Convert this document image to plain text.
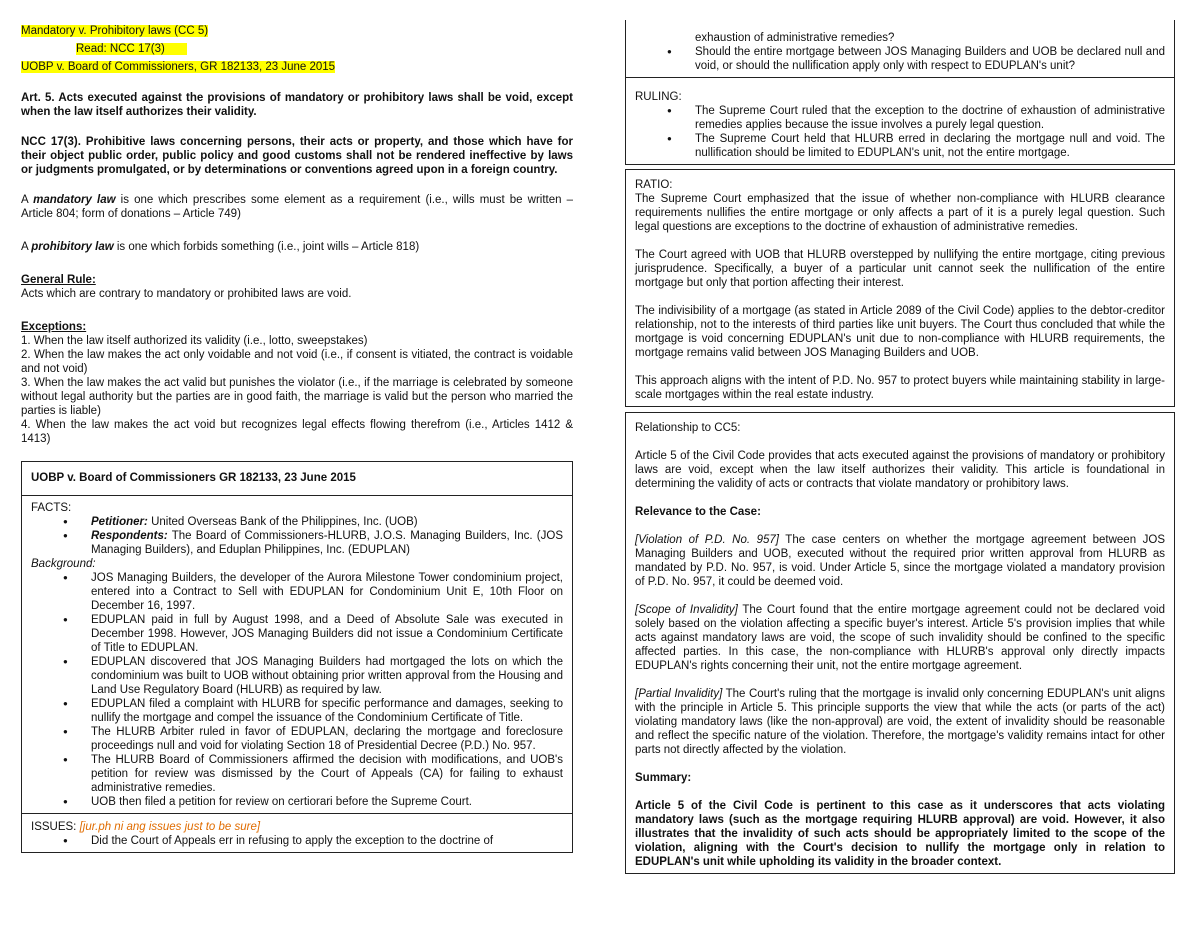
Mandatory v. Prohibitory laws (CC 5)
Read: NCC 17(3)
UOBP v. Board of Commissioners, GR 182133, 23 June 2015

Art. 5. Acts executed against the provisions of mandatory or prohibitory laws shall be void, except when the law itself authorizes their validity.

NCC 17(3). Prohibitive laws concerning persons, their acts or property, and those which have for their object public order, public policy and good customs shall not be rendered ineffective by laws or judgments promulgated, or by determinations or conventions agreed upon in a foreign country.

A mandatory law is one which prescribes some element as a requirement (i.e., wills must be written – Article 804; form of donations – Article 749)

A prohibitory law is one which forbids something (i.e., joint wills – Article 818)

General Rule:

Acts which are contrary to mandatory or prohibited laws are void.

Exceptions:

1. When the law itself authorized its validity (i.e., lotto, sweepstakes)

2. When the law makes the act only voidable and not void (i.e., if consent is vitiated, the contract is voidable and not void)

3. When the law makes the act valid but punishes the violator (i.e., if the marriage is celebrated by someone without legal authority but the parties are in good faith, the marriage is valid but the person who married the parties is liable)

4. When the law makes the act void but recognizes legal effects flowing therefrom (i.e., Articles 1412 & 1413)

UOBP v. Board of Commissioners GR 182133, 23 June 2015

FACTS:

● Petitioner: United Overseas Bank of the Philippines, Inc. (UOB)
● Respondents: The Board of Commissioners-HLURB, J.O.S. Managing Builders, Inc. (JOS Managing Builders), and Eduplan Philippines, Inc. (EDUPLAN)

Background:

● JOS Managing Builders, the developer of the Aurora Milestone Tower condominium project, entered into a Contract to Sell with EDUPLAN for Condominium Unit E, 10th Floor on December 16, 1997.
● EDUPLAN paid in full by August 1998, and a Deed of Absolute Sale was executed in December 1998. However, JOS Managing Builders did not issue a Condominium Certificate of Title to EDUPLAN.
● EDUPLAN discovered that JOS Managing Builders had mortgaged the lots on which the condominium was built to UOB without obtaining prior written approval from the Housing and Land Use Regulatory Board (HLURB) as required by law.
● EDUPLAN filed a complaint with HLURB for specific performance and damages, seeking to nullify the mortgage and compel the issuance of the Condominium Certificate of Title.
● The HLURB Arbiter ruled in favor of EDUPLAN, declaring the mortgage and foreclosure proceedings null and void for violating Section 18 of Presidential Decree (P.D.) No. 957.
● The HLURB Board of Commissioners affirmed the decision with modifications, and UOB's petition for review was dismissed by the Court of Appeals (CA) for failing to exhaust administrative remedies.
● UOB then filed a petition for review on certiorari before the Supreme Court.

ISSUES: [jur.ph ni ang issues just to be sure]

● Did the Court of Appeals err in refusing to apply the exception to the doctrine of

exhaustion of administrative remedies?

● Should the entire mortgage between JOS Managing Builders and UOB be declared null and void, or should the nullification apply only with respect to EDUPLAN's unit?

RULING:

● The Supreme Court ruled that the exception to the doctrine of exhaustion of administrative remedies applies because the issue involves a purely legal question.
● The Supreme Court held that HLURB erred in declaring the mortgage null and void. The nullification should be limited to EDUPLAN's unit, not the entire mortgage.

RATIO:

The Supreme Court emphasized that the issue of whether non-compliance with HLURB clearance requirements nullifies the entire mortgage or only affects a part of it is a purely legal question. Such legal questions are exceptions to the doctrine of exhaustion of administrative remedies.

The Court agreed with UOB that HLURB overstepped by nullifying the entire mortgage, citing previous jurisprudence. Specifically, a buyer of a particular unit cannot seek the nullification of the entire mortgage but only that portion affecting their interest.

The indivisibility of a mortgage (as stated in Article 2089 of the Civil Code) applies to the debtor-creditor relationship, not to the interests of third parties like unit buyers. The Court thus concluded that while the mortgage is void concerning EDUPLAN's unit due to non-compliance with HLURB requirements, the mortgage remains valid between JOS Managing Builders and UOB.

This approach aligns with the intent of P.D. No. 957 to protect buyers while maintaining stability in large-scale mortgages within the real estate industry.

Relationship to CC5:

Article 5 of the Civil Code provides that acts executed against the provisions of mandatory or prohibitory laws are void, except when the law itself authorizes their validity. This article is foundational in determining the validity of acts or contracts that violate mandatory or prohibitory laws.

Relevance to the Case:

[Violation of P.D. No. 957] The case centers on whether the mortgage agreement between JOS Managing Builders and UOB, executed without the required prior written approval from HLURB as mandated by P.D. No. 957, is void. Under Article 5, since the mortgage violated a mandatory provision of P.D. No. 957, it could be deemed void.

[Scope of Invalidity] The Court found that the entire mortgage agreement could not be declared void solely based on the violation affecting a specific buyer's interest. Article 5's provision implies that while acts against mandatory laws are void, the scope of such invalidity should be confined to the specific affected parties. In this case, the non-compliance with HLURB's approval only directly impacts EDUPLAN's rights concerning their unit, not the entire mortgage agreement.

[Partial Invalidity] The Court's ruling that the mortgage is invalid only concerning EDUPLAN's unit aligns with the principle in Article 5. This principle supports the view that while the acts (or parts of the act) violating mandatory laws (like the non-approval) are void, the extent of invalidity should be reasonable and reflect the specific nature of the violation. Therefore, the mortgage's validity remains intact for other parts not directly affected by the violation.

Summary:

Article 5 of the Civil Code is pertinent to this case as it underscores that acts violating mandatory laws (such as the mortgage requiring HLURB approval) are void. However, it also illustrates that the invalidity of such acts should be appropriately limited to the scope of the violation, aligning with the Court's decision to nullify the mortgage only in relation to EDUPLAN's unit while upholding its validity in the broader context.
